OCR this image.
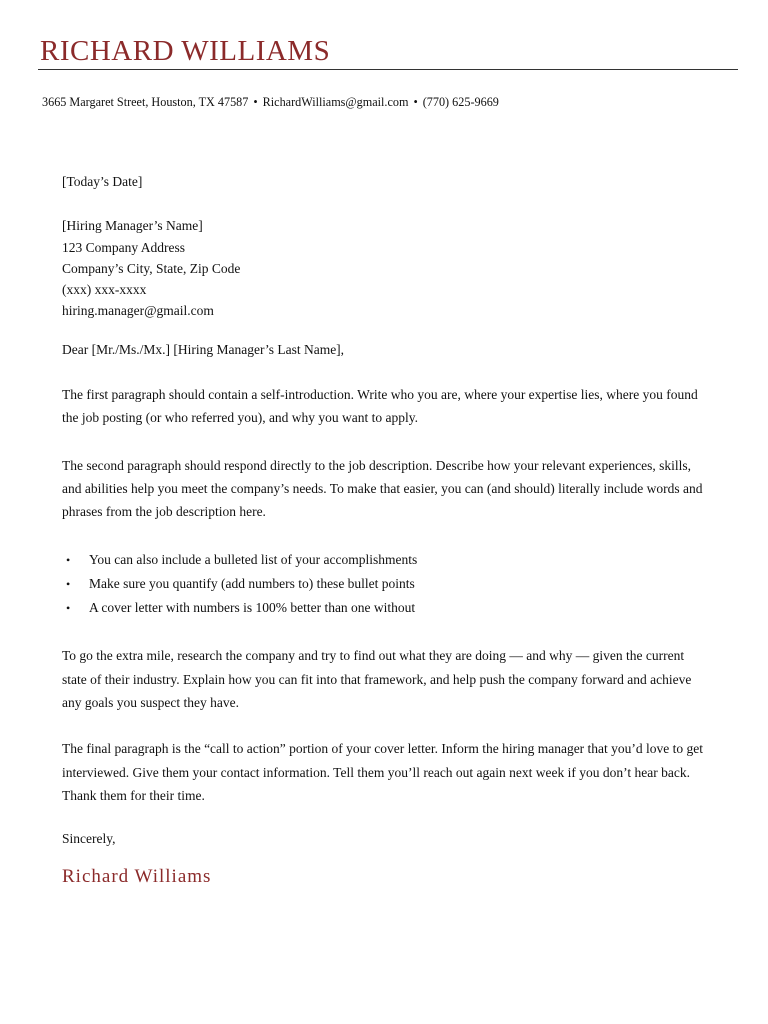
RICHARD WILLIAMS
3665 Margaret Street, Houston, TX 47587 • RichardWilliams@gmail.com • (770) 625-9669
[Today’s Date]
[Hiring Manager’s Name]
123 Company Address
Company’s City, State, Zip Code
(xxx) xxx-xxxx
hiring.manager@gmail.com
Dear [Mr./Ms./Mx.] [Hiring Manager’s Last Name],

The first paragraph should contain a self-introduction. Write who you are, where your expertise lies, where you found the job posting (or who referred you), and why you want to apply.

The second paragraph should respond directly to the job description. Describe how your relevant experiences, skills, and abilities help you meet the company’s needs. To make that easier, you can (and should) literally include words and phrases from the job description here.

• You can also include a bulleted list of your accomplishments
• Make sure you quantify (add numbers to) these bullet points
• A cover letter with numbers is 100% better than one without

To go the extra mile, research the company and try to find out what they are doing — and why — given the current state of their industry. Explain how you can fit into that framework, and help push the company forward and achieve any goals you suspect they have.

The final paragraph is the “call to action” portion of your cover letter. Inform the hiring manager that you’d love to get interviewed. Give them your contact information. Tell them you’ll reach out again next week if you don’t hear back. Thank them for their time.

Sincerely,
Richard Williams
